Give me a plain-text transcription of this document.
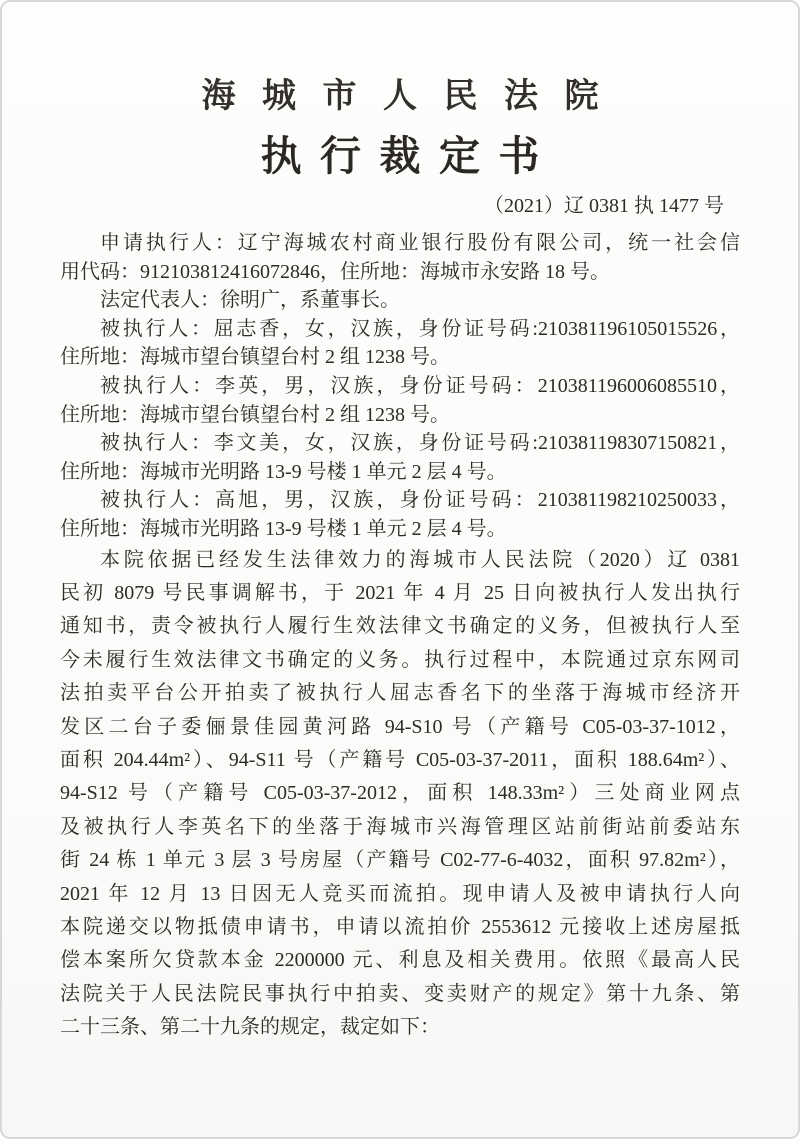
海城市人民法院
执行裁定书
（2021）辽 0381 执 1477 号
申请执行人：辽宁海城农村商业银行股份有限公司，统一社会信
用代码：912103812416072846，住所地：海城市永安路 18 号。
法定代表人：徐明广，系董事长。
被执行人：屈志香，女，汉族，身份证号码:210381196105015526，
住所地：海城市望台镇望台村 2 组 1238 号。
被执行人：李英，男，汉族，身份证号码：210381196006085510，
住所地：海城市望台镇望台村 2 组 1238 号。
被执行人：李文美，女，汉族，身份证号码:210381198307150821，
住所地：海城市光明路 13-9 号楼 1 单元 2 层 4 号。
被执行人：高旭，男，汉族，身份证号码：210381198210250033，
住所地：海城市光明路 13-9 号楼 1 单元 2 层 4 号。
本院依据已经发生法律效力的海城市人民法院（2020）辽 0381
民初 8079 号民事调解书，于 2021 年 4 月 25 日向被执行人发出执行
通知书，责令被执行人履行生效法律文书确定的义务，但被执行人至
今未履行生效法律文书确定的义务。执行过程中，本院通过京东网司
法拍卖平台公开拍卖了被执行人屈志香名下的坐落于海城市经济开
发区二台子委俪景佳园黄河路 94-S10 号（产籍号 C05-03-37-1012，
面积 204.44m²）、94-S11 号（产籍号 C05-03-37-2011，面积 188.64m²）、
94-S12 号（产籍号 C05-03-37-2012，面积 148.33m²）三处商业网点
及被执行人李英名下的坐落于海城市兴海管理区站前街站前委站东
街 24 栋 1 单元 3 层 3 号房屋（产籍号 C02-77-6-4032，面积 97.82m²），
2021 年 12 月 13 日因无人竞买而流拍。现申请人及被申请执行人向
本院递交以物抵债申请书，申请以流拍价 2553612 元接收上述房屋抵
偿本案所欠贷款本金 2200000 元、利息及相关费用。依照《最高人民
法院关于人民法院民事执行中拍卖、变卖财产的规定》第十九条、第
二十三条、第二十九条的规定，裁定如下：
